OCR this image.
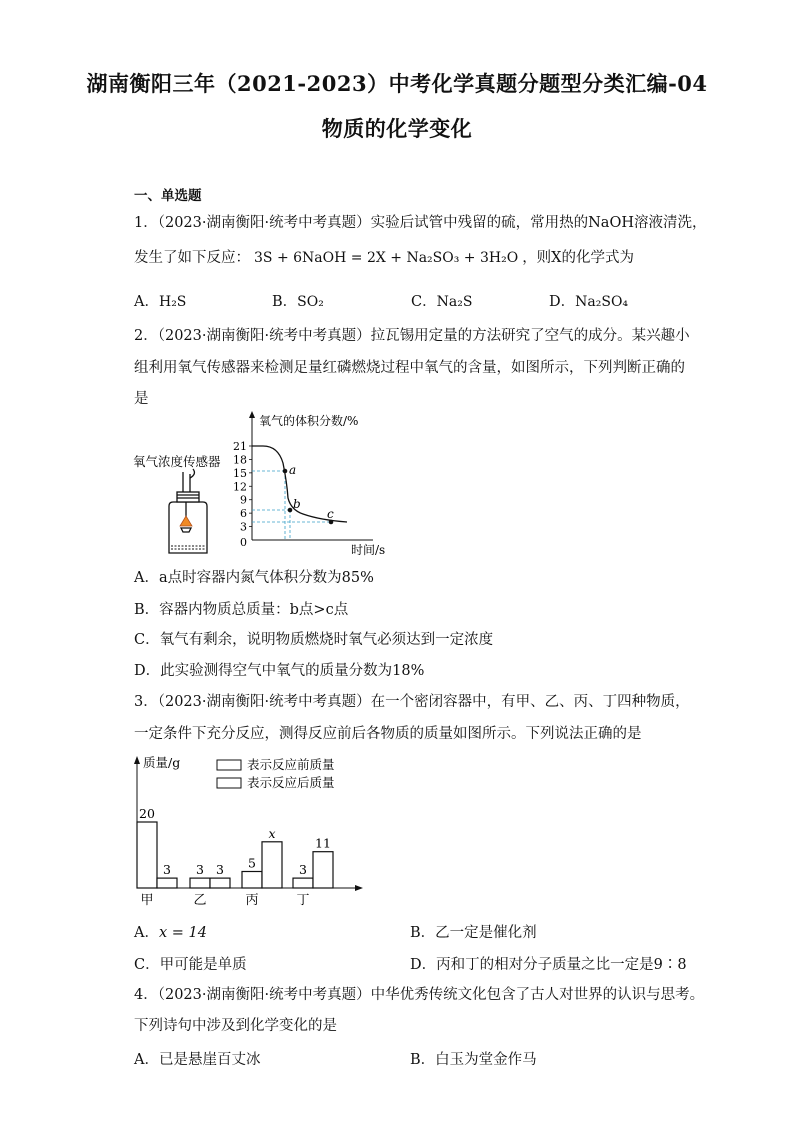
湖南衡阳三年（2021-2023）中考化学真题分题型分类汇编-04
物质的化学变化
一、单选题
1．（2023·湖南衡阳·统考中考真题）实验后试管中残留的硫，常用热的NaOH溶液清洗，
发生了如下反应： 3S + 6NaOH = 2X + Na₂SO₃ + 3H₂O ，则X的化学式为
A．H₂S	B．SO₂	C．Na₂S	D．Na₂SO₄
2．（2023·湖南衡阳·统考中考真题）拉瓦锡用定量的方法研究了空气的成分。某兴趣小
组利用氧气传感器来检测足量红磷燃烧过程中氧气的含量，如图所示，下列判断正确的
是
氧气浓度传感器
氧气的体积分数/%
时间/s
0
21
18
15
12
9
6
3
a
b
c
A．a点时容器内氮气体积分数为85%
B．容器内物质总质量：b点>c点
C．氧气有剩余，说明物质燃烧时氧气必须达到一定浓度
D．此实验测得空气中氧气的质量分数为18%
3．（2023·湖南衡阳·统考中考真题）在一个密闭容器中，有甲、乙、丙、丁四种物质，
一定条件下充分反应，测得反应前后各物质的质量如图所示。下列说法正确的是
质量/g	表示反应前质量
表示反应后质量
20
3
甲
3 3
乙
5
x
丙
3
11
丁
A．x = 14	B．乙一定是催化剂
C．甲可能是单质	D．丙和丁的相对分子质量之比一定是9∶8
4．（2023·湖南衡阳·统考中考真题）中华优秀传统文化包含了古人对世界的认识与思考。
下列诗句中涉及到化学变化的是
A．已是悬崖百丈冰	B．白玉为堂金作马
